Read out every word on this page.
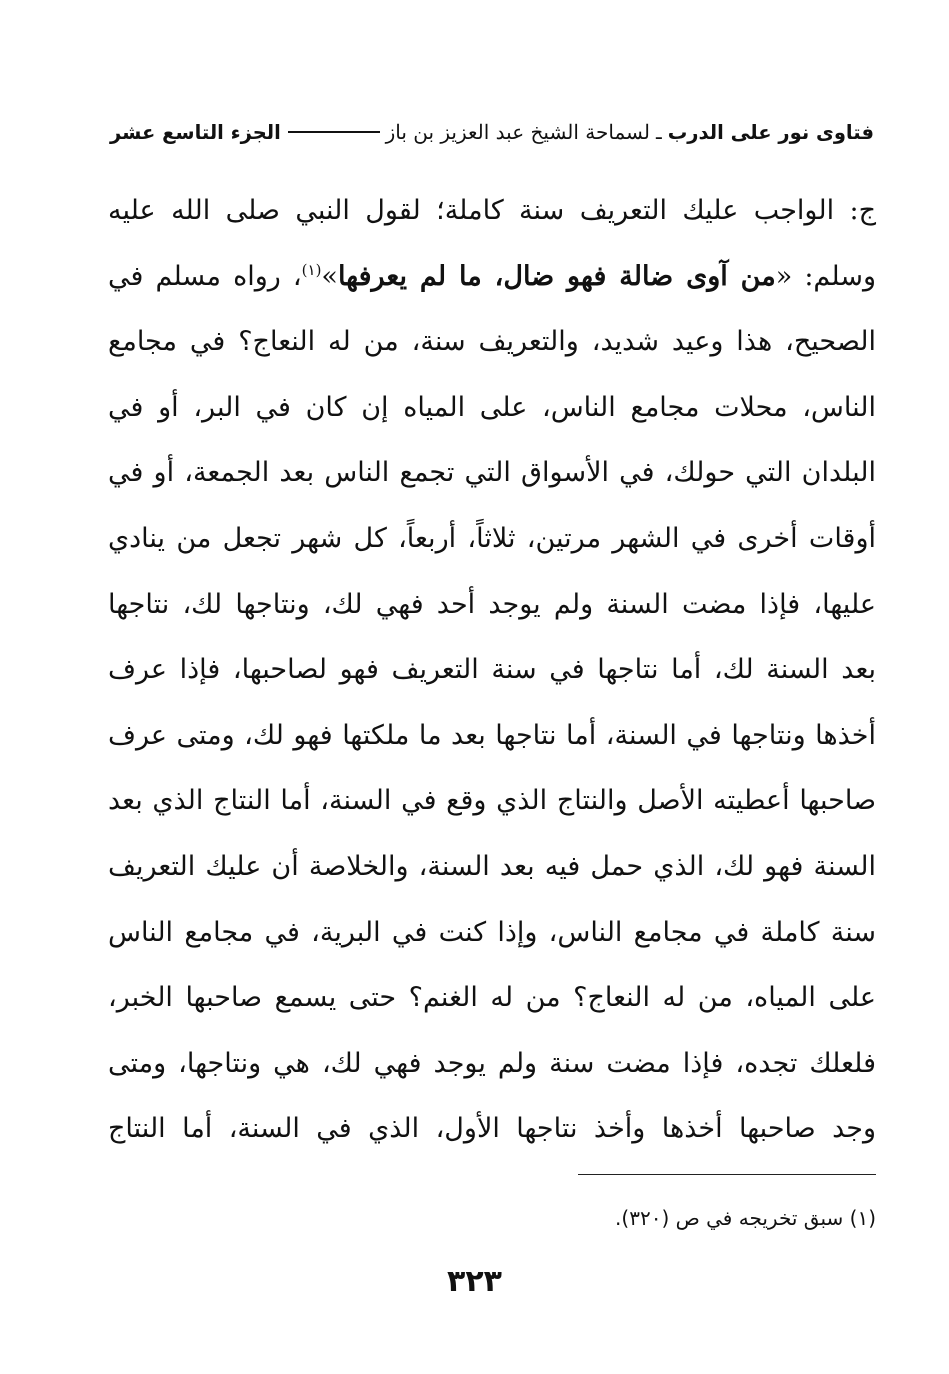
فتاوى نور على الدرب
ـ
لسماحة الشيخ عبد العزيز بن باز
الجزء التاسع عشر
ج: الواجب عليك التعريف سنة كاملة؛ لقول النبي صلى الله عليه
وسلم: «من آوى ضالة فهو ضال، ما لم يعرفها»$^{(١)}$، رواه مسلم في
الصحيح، هذا وعيد شديد، والتعريف سنة، من له النعاج؟ في مجامع
الناس، محلات مجامع الناس، على المياه إن كان في البر، أو في
البلدان التي حولك، في الأسواق التي تجمع الناس بعد الجمعة، أو في
أوقات أخرى في الشهر مرتين، ثلاثاً، أربعاً، كل شهر تجعل من ينادي
عليها، فإذا مضت السنة ولم يوجد أحد فهي لك، ونتاجها لك، نتاجها
بعد السنة لك، أما نتاجها في سنة التعريف فهو لصاحبها، فإذا عرف
أخذها ونتاجها في السنة، أما نتاجها بعد ما ملكتها فهو لك، ومتى عرف
صاحبها أعطيته الأصل والنتاج الذي وقع في السنة، أما النتاج الذي بعد
السنة فهو لك، الذي حمل فيه بعد السنة، والخلاصة أن عليك التعريف
سنة كاملة في مجامع الناس، وإذا كنت في البرية، في مجامع الناس
على المياه، من له النعاج؟ من له الغنم؟ حتى يسمع صاحبها الخبر،
فلعلك تجده، فإذا مضت سنة ولم يوجد فهي لك، هي ونتاجها، ومتى
وجد صاحبها أخذها وأخذ نتاجها الأول، الذي في السنة، أما النتاج
(١) سبق تخريجه في ص (٣٢٠).
٣٢٣
